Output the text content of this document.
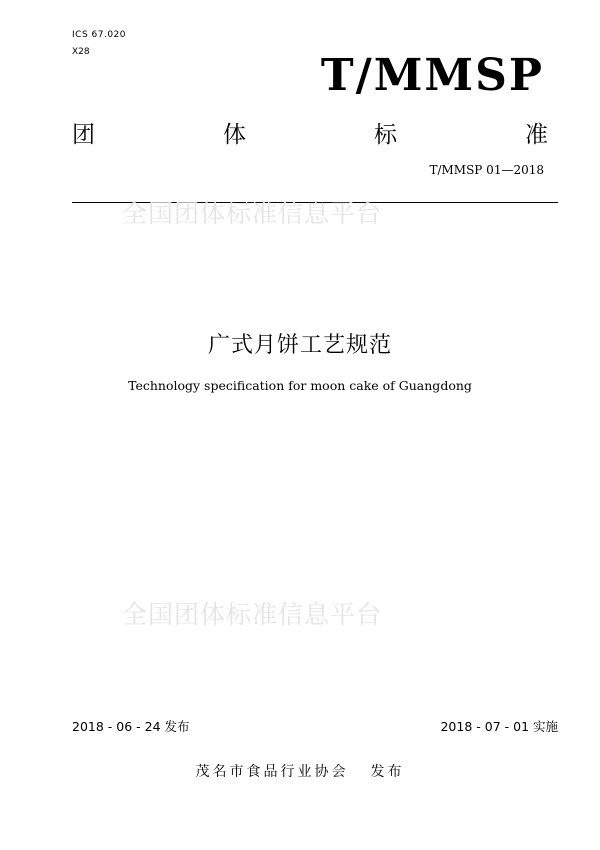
ICS 67.020
X28	T/MMSP
团	体	标	准
T/MMSP 01—2018
全国团体标准信息平台
广式月饼工艺规范
Technology specification for moon cake of Guangdong
全国团体标准信息平台
2018 - 06 - 24 发布	2018 - 07 - 01 实施
茂名市食品行业协会 发布
